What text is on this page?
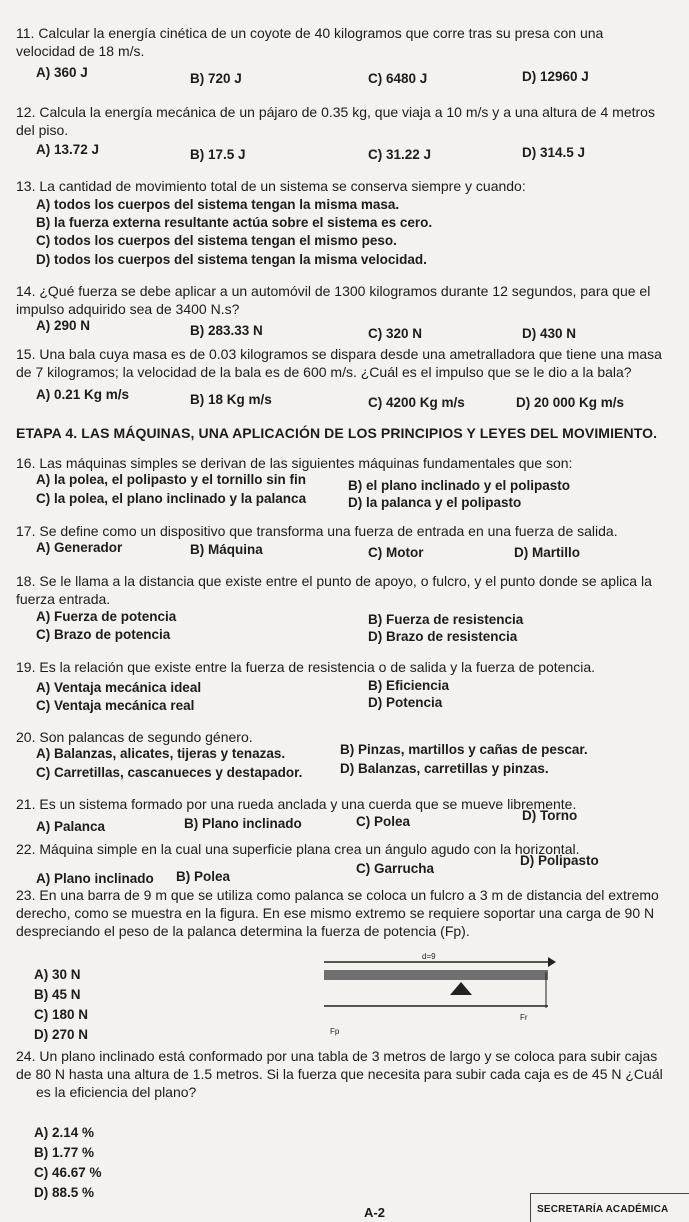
11. Calcular la energía cinética de un coyote de 40 kilogramos que corre tras su presa con una
velocidad de 18 m/s.
A) 360 J	B) 720 J	C) 6480 J	D) 12960 J
12. Calcula la energía mecánica de un pájaro de 0.35 kg, que viaja a 10 m/s y a una altura de 4 metros
del piso.
A) 13.72 J	B) 17.5 J	C) 31.22 J	D) 314.5 J
13. La cantidad de movimiento total de un sistema se conserva siempre y cuando:
A) todos los cuerpos del sistema tengan la misma masa.
B) la fuerza externa resultante actúa sobre el sistema es cero.
C) todos los cuerpos del sistema tengan el mismo peso.
D) todos los cuerpos del sistema tengan la misma velocidad.
14. ¿Qué fuerza se debe aplicar a un automóvil de 1300 kilogramos durante 12 segundos, para que el
impulso adquirido sea de 3400 N.s?
A) 290 N	B) 283.33 N	C) 320 N	D) 430 N
15. Una bala cuya masa es de 0.03 kilogramos se dispara desde una ametralladora que tiene una masa
de 7 kilogramos; la velocidad de la bala es de 600 m/s. ¿Cuál es el impulso que se le dio a la bala?
A) 0.21 Kg m/s	B) 18 Kg m/s	C) 4200 Kg m/s	D) 20 000 Kg m/s
ETAPA 4. LAS MÁQUINAS, UNA APLICACIÓN DE LOS PRINCIPIOS Y LEYES DEL MOVIMIENTO.
16. Las máquinas simples se derivan de las siguientes máquinas fundamentales que son:
A) la polea, el polipasto y el tornillo sin fin	B) el plano inclinado y el polipasto
C) la polea, el plano inclinado y la palanca	D) la palanca y el polipasto
17. Se define como un dispositivo que transforma una fuerza de entrada en una fuerza de salida.
A) Generador	B) Máquina	C) Motor	D) Martillo
18. Se le llama a la distancia que existe entre el punto de apoyo, o fulcro, y el punto donde se aplica la
fuerza entrada.
A) Fuerza de potencia	B) Fuerza de resistencia
C) Brazo de potencia	D) Brazo de resistencia
19. Es la relación que existe entre la fuerza de resistencia o de salida y la fuerza de potencia.
A) Ventaja mecánica ideal	B) Eficiencia
C) Ventaja mecánica real	D) Potencia
20. Son palancas de segundo género.
A) Balanzas, alicates, tijeras y tenazas.	B) Pinzas, martillos y cañas de pescar.
C) Carretillas, cascanueces y destapador.	D) Balanzas, carretillas y pinzas.
21. Es un sistema formado por una rueda anclada y una cuerda que se mueve libremente.
A) Palanca	B) Plano inclinado	C) Polea	D) Torno
22. Máquina simple en la cual una superficie plana crea un ángulo agudo con la horizontal.
A) Plano inclinado B) Polea
C) Garrucha
D) Polipasto
23. En una barra de 9 m que se utiliza como palanca se coloca un fulcro a 3 m de distancia del extremo
derecho, como se muestra en la figura. En ese mismo extremo se requiere soportar una carga de 90 N
despreciando el peso de la palanca determina la fuerza de potencia (Fp).
A) 30 N
B) 45 N
C) 180 N
D) 270 N
d=9
Fr
Fp
24. Un plano inclinado está conformado por una tabla de 3 metros de largo y se coloca para subir cajas
de 80 N hasta una altura de 1.5 metros. Si la fuerza que necesita para subir cada caja es de 45 N ¿Cuál
es la eficiencia del plano?
A) 2.14 %
B) 1.77 %
C) 46.67 %
D) 88.5 %
A-2	SECRETARÍA ACADÉMICA
